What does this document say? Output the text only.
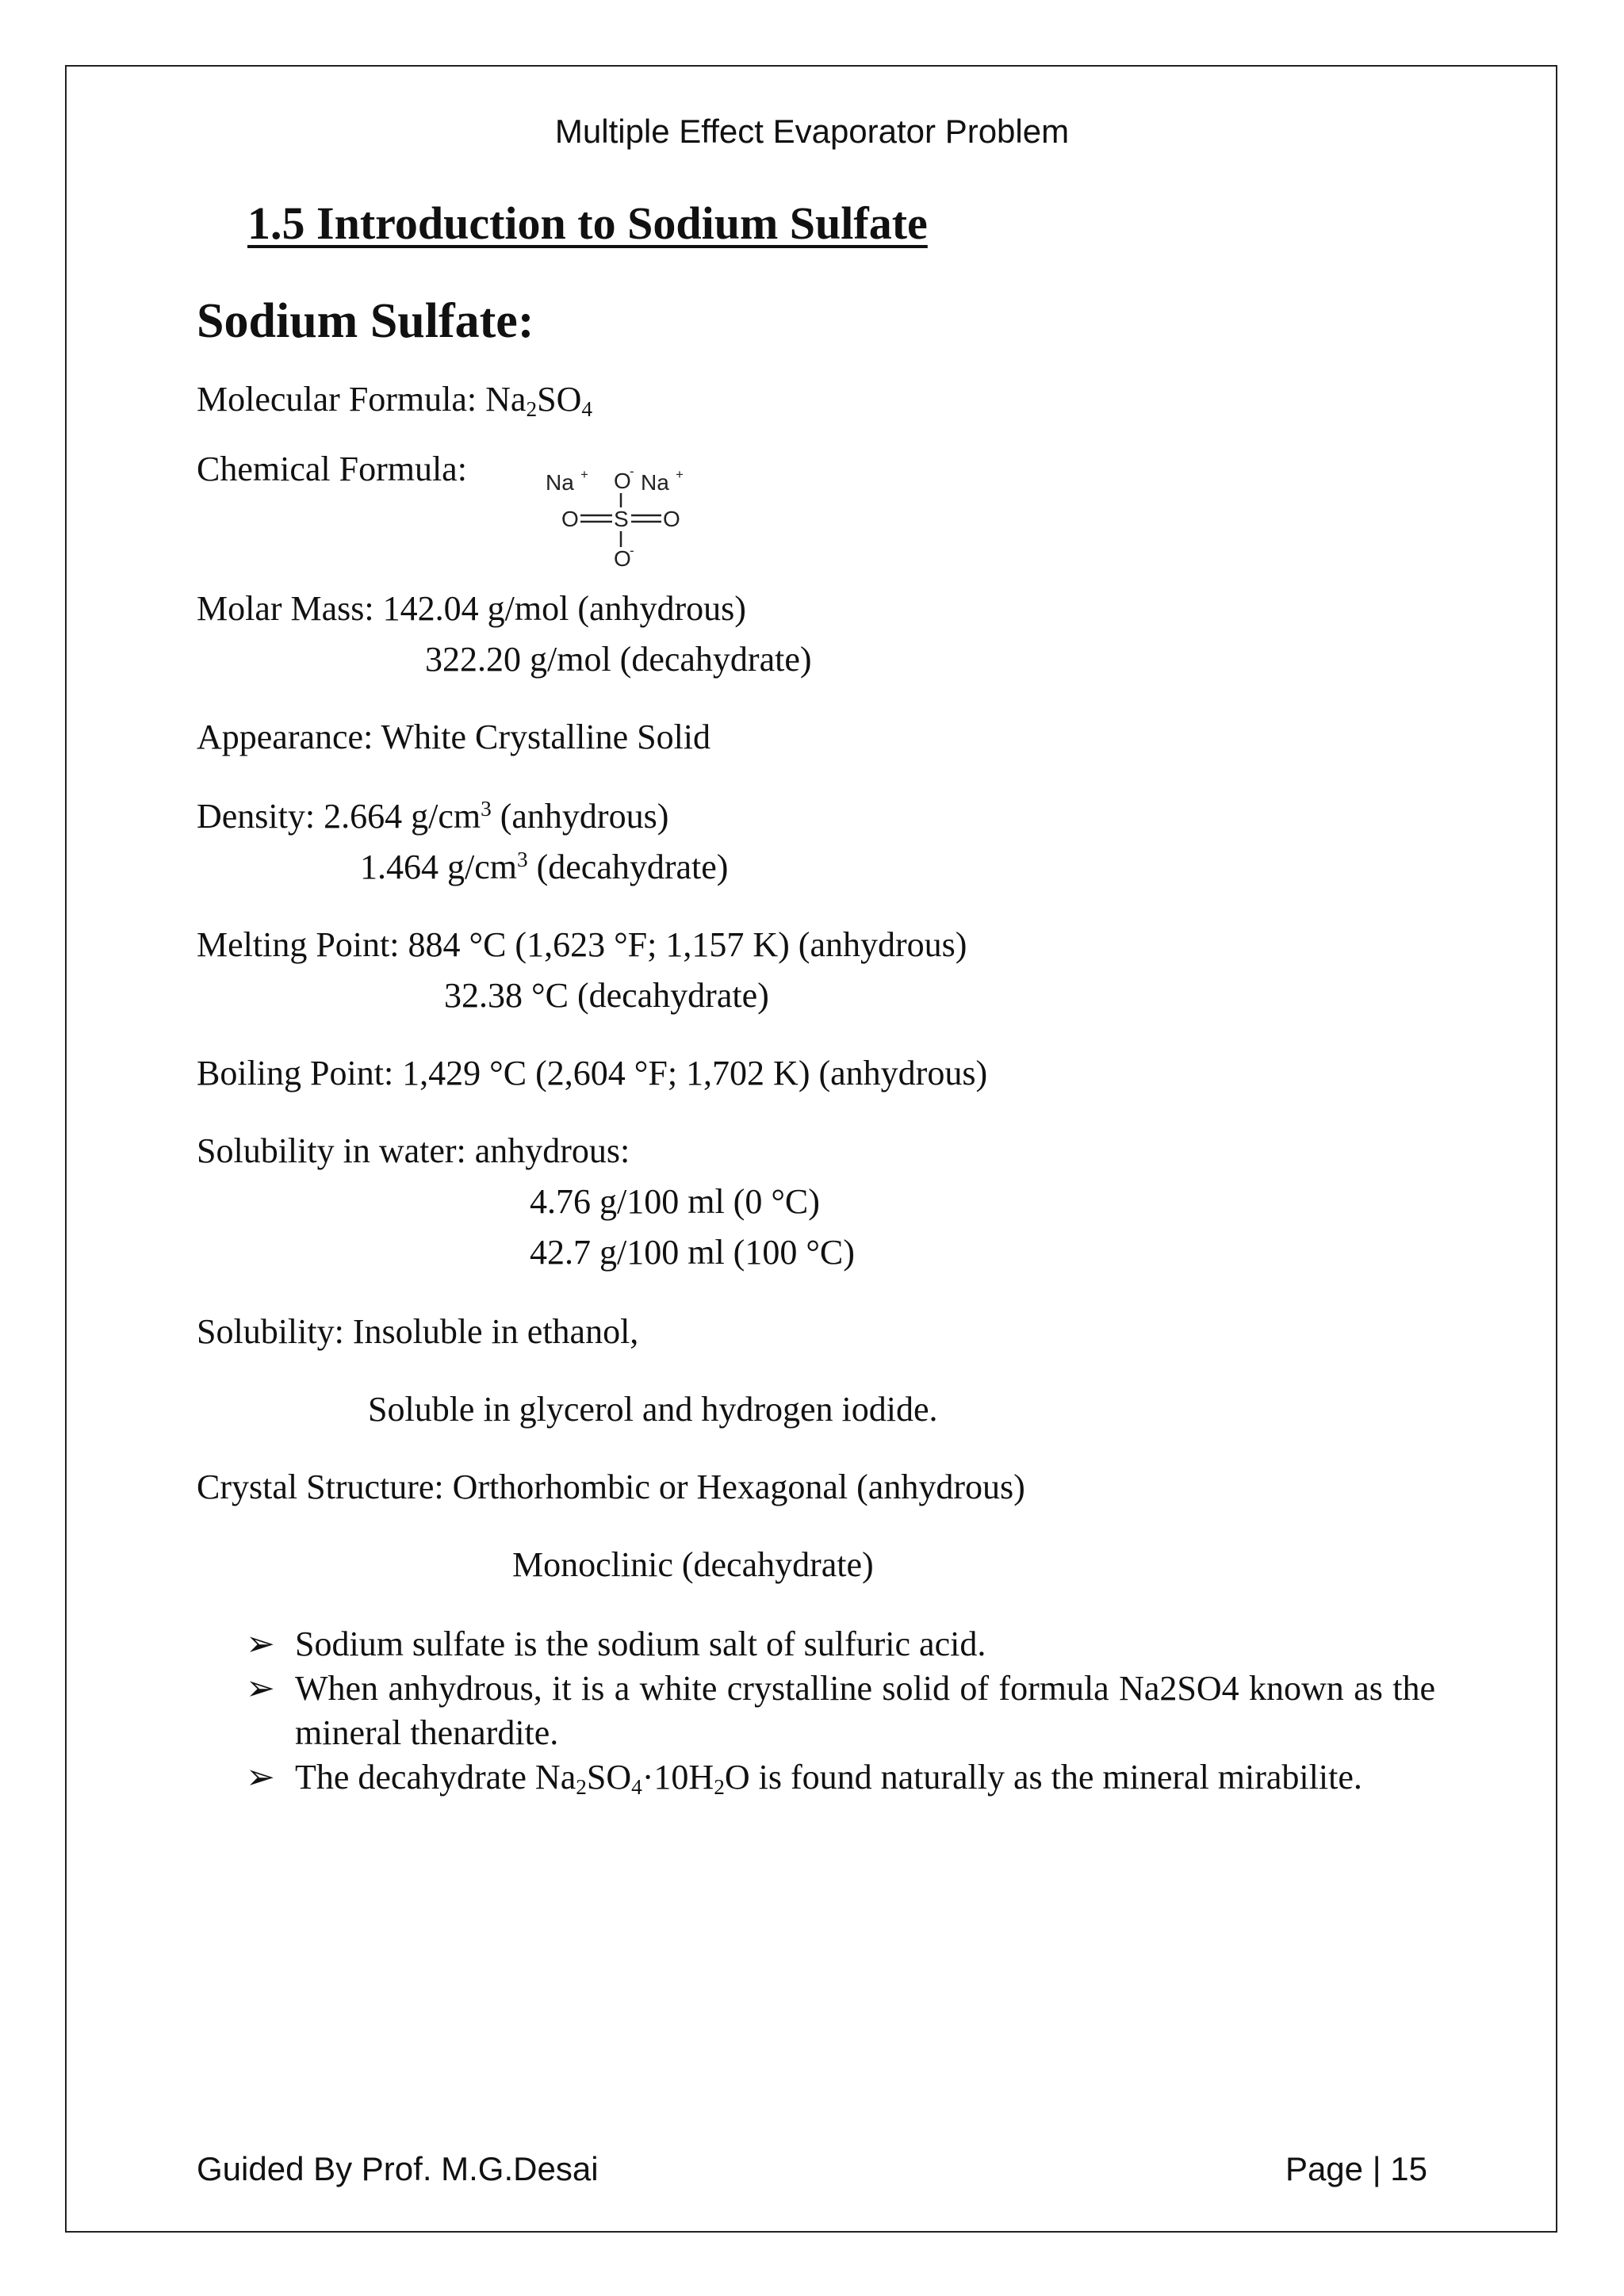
Multiple Effect Evaporator Problem
1.5 Introduction to Sodium Sulfate
Sodium Sulfate:
Molecular Formula: $Na_2SO_4$
Chemical Formula:	Na + O
- Na +
O S O
O
-
Molar Mass: 142.04 g/mol (anhydrous)
322.20 g/mol (decahydrate)
Appearance: White Crystalline Solid
Density: 2.664 $g/cm^3$ (anhydrous)
1.464 $g/cm^3$ (decahydrate)
Melting Point: 884 °C (1,623 °F; 1,157 K) (anhydrous)
32.38 °C (decahydrate)
Boiling Point: 1,429 °C (2,604 °F; 1,702 K) (anhydrous)
Solubility in water: anhydrous:
4.76 g/100 ml (0 °C)
42.7 g/100 ml (100 °C)
Solubility: Insoluble in ethanol,
Soluble in glycerol and hydrogen iodide.
Crystal Structure: Orthorhombic or Hexagonal (anhydrous)
Monoclinic (decahydrate)
➢ Sodium sulfate is the sodium salt of sulfuric acid.
➢ When anhydrous, it is a white crystalline solid of formula Na2SO4 known as the mineral thenardite.
➢ The decahydrate $Na_2SO_4\cdot 10H_2O$ is found naturally as the mineral mirabilite.
Guided By Prof. M.G.Desai	Page | 15
